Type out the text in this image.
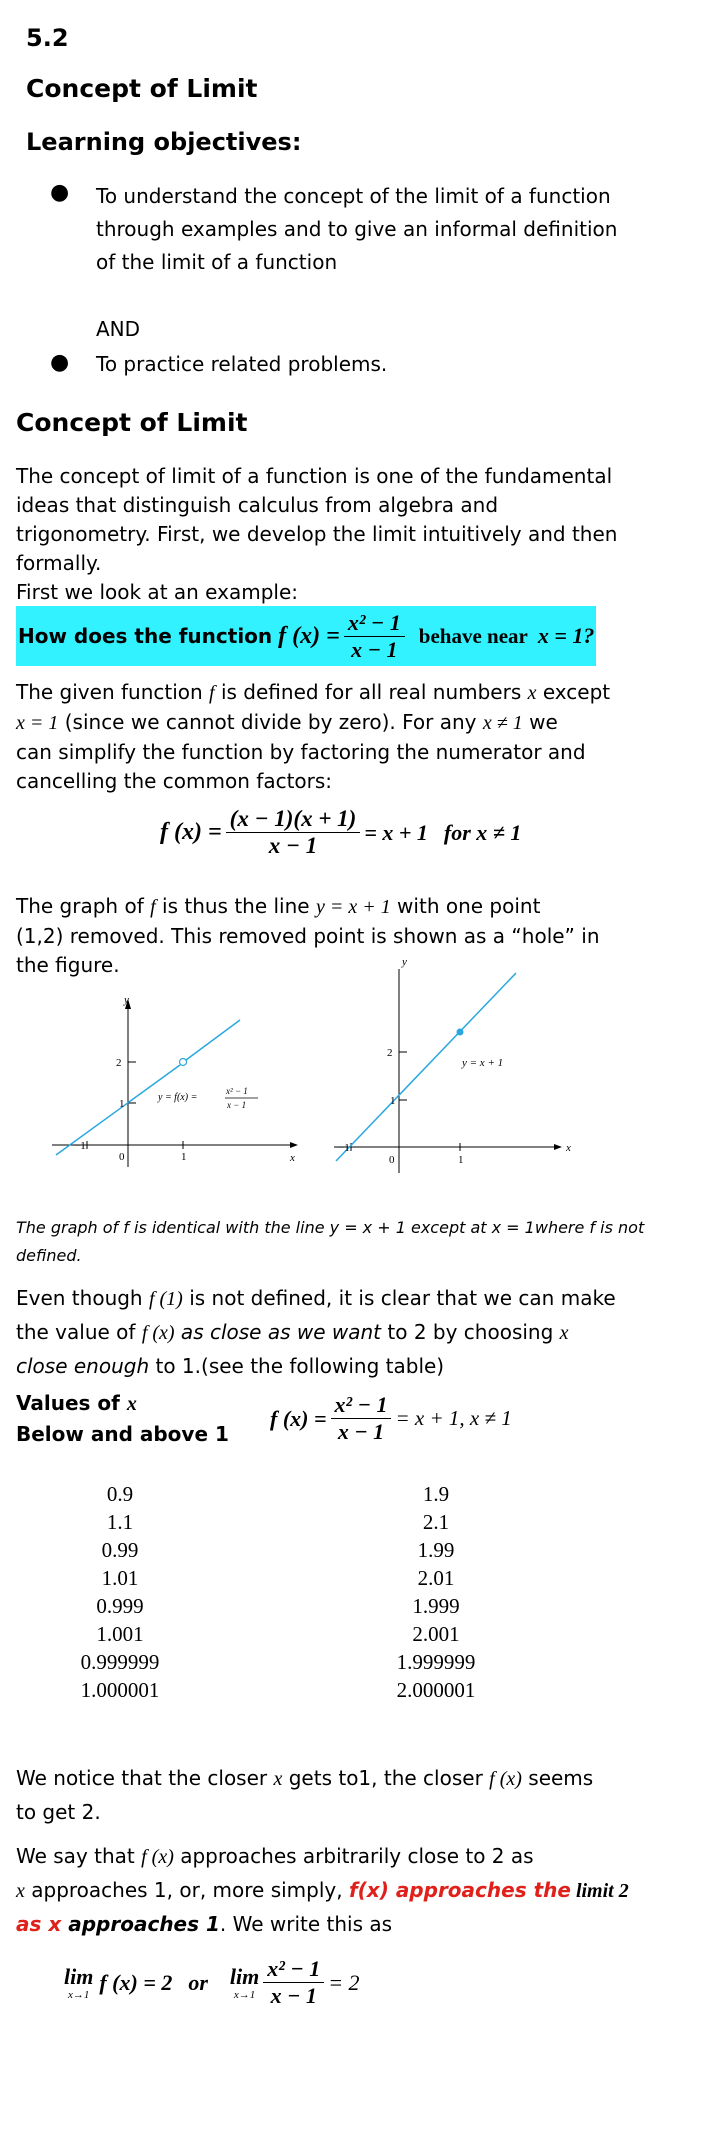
5.2
Concept of Limit
Learning objectives:
● To understand the concept of the limit of a function
through examples and to give an informal definition
of the limit of a function
AND
● To practice related problems.
Concept of Limit
The concept of limit of a function is one of the fundamental
ideas that distinguish calculus from algebra and
trigonometry. First, we develop the limit intuitively and then
formally.
First we look at an example:
How does the function f $(x) = \frac{\text{x² − 1}}{x - 1}$ behave near x = 1?
The given function f is defined for all real numbers x except
x = 1 (since we cannot divide by zero). For any x ≠ 1 we
can simplify the function by factoring the numerator and
cancelling the common factors:
f $(x) = \frac{(x - 1)(x + 1)}{x - 1} = x + 1$ for x ≠ 1
The graph of f is thus the line y = x + 1 with one point
(1,2) removed. This removed point is shown as a “hole” in
the figure.
y
x
2
1
−1
0	1
y = f(x) =
x² − 1
x − 1
y
x
2
1
−1
0	1
y = x + 1
The graph of f is identical with the line y = x + 1 except at x = 1where f is not
defined.
Even though f (1) is not defined, it is clear that we can make
the value of f (x) as close as we want to 2 by choosing x
close enough to 1.(see the following table)
Values of x
Below and above 1
f $(x) = \frac{\text{x² − 1}}{x - 1} = x + 1$, x ≠ 1
0.9
1.1
0.99
1.01
0.999
1.001
0.999999
1.000001
1.9
2.1
1.99
2.01
1.999
2.001
1.999999
2.000001
We notice that the closer x gets to1, the closer f (x) seems
to get 2.
We say that f (x) approaches arbitrarily close to 2 as
x approaches 1, or, more simply, f(x) approaches the limit 2
as x approaches 1. We write this as
lim
x→1
f (x) = 2 or lim
$x\to 1 \frac{\text{x² − 1}}{x - 1} = 2$
